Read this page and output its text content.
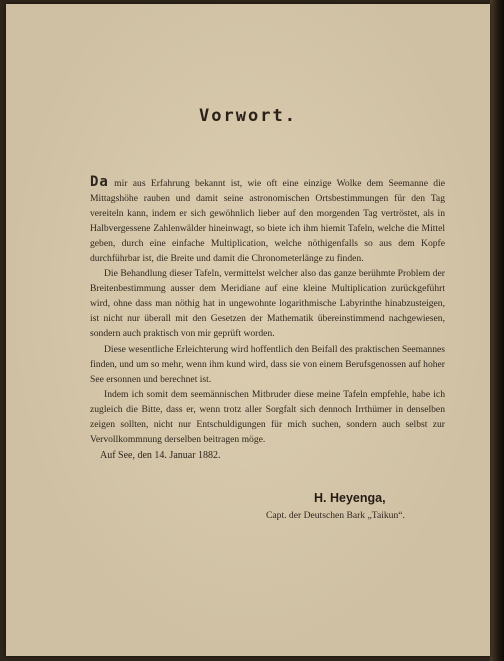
Vorwort.

Da mir aus Erfahrung bekannt ist, wie oft eine einzige Wolke dem Seemanne die Mittagshöhe rauben und damit seine astronomischen Ortsbestimmungen für den Tag vereiteln kann, indem er sich gewöhnlich lieber auf den morgenden Tag vertröstet, als in Halbvergessene Zahlenwälder hineinwagt, so biete ich ihm hiemit Tafeln, welche die Mittel geben, durch eine einfache Multiplication, welche nöthigenfalls so aus dem Kopfe durchführbar ist, die Breite und damit die Chronometerlänge zu finden.

Die Behandlung dieser Tafeln, vermittelst welcher also das ganze berühmte Problem der Breitenbestimmung ausser dem Meridiane auf eine kleine Multiplication zurückgeführt wird, ohne dass man nöthig hat in ungewohnte logarithmische Labyrinthe hinabzusteigen, ist nicht nur überall mit den Gesetzen der Mathematik übereinstimmend nachgewiesen, sondern auch praktisch von mir geprüft worden.

Diese wesentliche Erleichterung wird hoffentlich den Beifall des praktischen Seemannes finden, und um so mehr, wenn ihm kund wird, dass sie von einem Berufsgenossen auf hoher See ersonnen und berechnet ist.

Indem ich somit dem seemännischen Mitbruder diese meine Tafeln empfehle, habe ich zugleich die Bitte, dass er, wenn trotz aller Sorgfalt sich dennoch Irrthümer in denselben zeigen sollten, nicht nur Entschuldigungen für mich suchen, sondern auch selbst zur Vervollkommnung derselben beitragen möge.

Auf See, den 14. Januar 1882.
H. Heyenga,
Capt. der Deutschen Bark „Taikun“.
